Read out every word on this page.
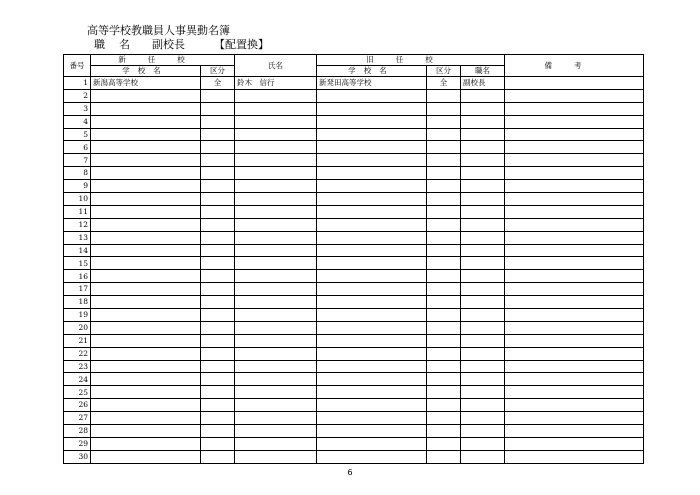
高等学校教職員人事異動名簿
職名 副校長	【配置換】
番号	新任校		氏名	旧任校			備考
	学校名	区分		学校名	区分	職名	
1	新潟高等学校	全	鈴木　信行	新発田高等学校	全	副校長	
2							
3							
4							
5							
6							
7							
8							
9							
10							
11							
12							
13							
14							
15							
16							
17							
18							
19							
20							
21							
22							
23							
24							
25							
26							
27							
28							
29							
30							
6
